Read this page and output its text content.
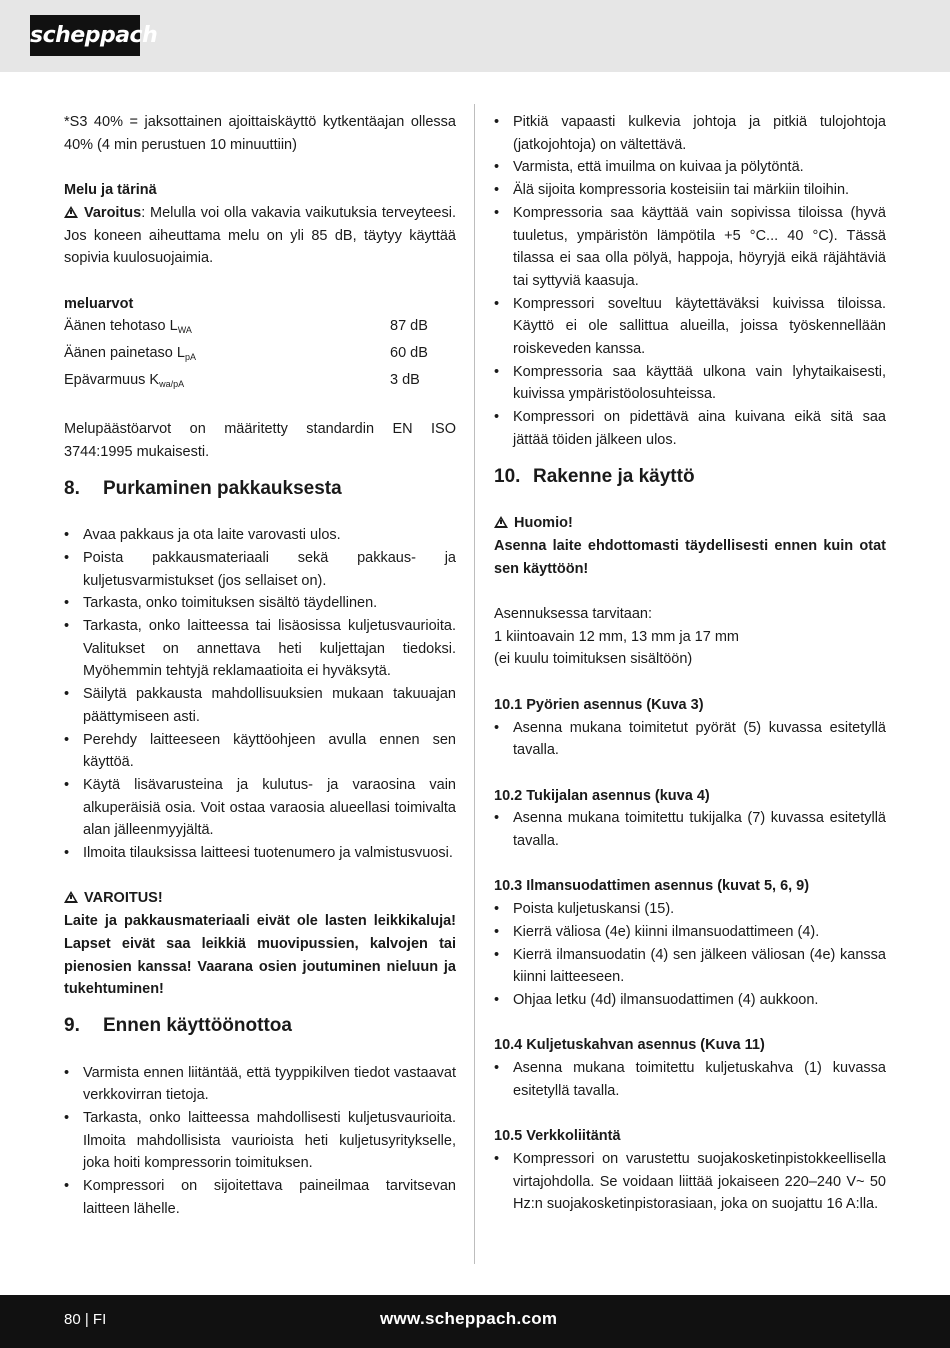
scheppach

*S3 40% = jaksottainen ajoittaiskäyttö kytkentäajan ollessa 40% (4 min perustuen 10 minuuttiin)

Melu ja tärinä

Varoitus: Melulla voi olla vakavia vaikutuksia terveyteesi. Jos koneen aiheuttama melu on yli 85 dB, täytyy käyttää sopivia kuulosuojaimia.

meluarvot

Äänen tehotaso $L_{WA}$	87 dB
Äänen painetaso $L_{pA}$	60 dB
Epävarmuus $K_{wa/pA}$	3 dB

Melupäästöarvot on määritetty standardin EN ISO 3744:1995 mukaisesti.

8.	Purkaminen pakkauksesta
• Avaa pakkaus ja ota laite varovasti ulos.
• Poista pakkausmateriaali sekä pakkaus- ja kuljetusvarmistukset (jos sellaiset on).
• Tarkasta, onko toimituksen sisältö täydellinen.
• Tarkasta, onko laitteessa tai lisäosissa kuljetusvaurioita. Valitukset on annettava heti kuljettajan tiedoksi. Myöhemmin tehtyjä reklamaatioita ei hyväksytä.
• Säilytä pakkausta mahdollisuuksien mukaan takuuajan päättymiseen asti.
• Perehdy laitteeseen käyttöohjeen avulla ennen sen käyttöä.
• Käytä lisävarusteina ja kulutus- ja varaosina vain alkuperäisiä osia. Voit ostaa varaosia alueellasi toimivalta alan jälleenmyyjältä.
• Ilmoita tilauksissa laitteesi tuotenumero ja valmistusvuosi.

VAROITUS!

Laite ja pakkausmateriaali eivät ole lasten leikkikaluja! Lapset eivät saa leikkiä muovipussien, kalvojen tai pienosien kanssa! Vaarana osien joutuminen nieluun ja tukehtuminen!

9.	Ennen käyttöönottoa
• Varmista ennen liitäntää, että tyyppikilven tiedot vastaavat verkkovirran tietoja.
• Tarkasta, onko laitteessa mahdollisesti kuljetusvaurioita. Ilmoita mahdollisista vaurioista heti kuljetusyritykselle, joka hoiti kompressorin toimituksen.
• Kompressori on sijoitettava paineilmaa tarvitsevan laitteen lähelle.
• Pitkiä vapaasti kulkevia johtoja ja pitkiä tulojohtoja (jatkojohtoja) on vältettävä.
• Varmista, että imuilma on kuivaa ja pölytöntä.
• Älä sijoita kompressoria kosteisiin tai märkiin tiloihin.
• Kompressoria saa käyttää vain sopivissa tiloissa (hyvä tuuletus, ympäristön lämpötila +5 °C... 40 °C). Tässä tilassa ei saa olla pölyä, happoja, höyryjä eikä räjähtäviä tai syttyviä kaasuja.
• Kompressori soveltuu käytettäväksi kuivissa tiloissa. Käyttö ei ole sallittua alueilla, joissa työskennellään roiskeveden kanssa.
• Kompressoria saa käyttää ulkona vain lyhytaikaisesti, kuivissa ympäristöolosuhteissa.
• Kompressori on pidettävä aina kuivana eikä sitä saa jättää töiden jälkeen ulos.
10. Rakenne ja käyttö

Huomio!

Asenna laite ehdottomasti täydellisesti ennen kuin otat sen käyttöön!

Asennuksessa tarvitaan:

1 kiintoavain 12 mm, 13 mm ja 17 mm

(ei kuulu toimituksen sisältöön)

10.1 Pyörien asennus (Kuva 3)

• Asenna mukana toimitetut pyörät (5) kuvassa esitetyllä tavalla.

10.2 Tukijalan asennus (kuva 4)

• Asenna mukana toimitettu tukijalka (7) kuvassa esitetyllä tavalla.

10.3 Ilmansuodattimen asennus (kuvat 5, 6, 9)

• Poista kuljetuskansi (15).
• Kierrä väliosa (4e) kiinni ilmansuodattimeen (4).
• Kierrä ilmansuodatin (4) sen jälkeen väliosan (4e) kanssa kiinni laitteeseen.
• Ohjaa letku (4d) ilmansuodattimen (4) aukkoon.

10.4 Kuljetuskahvan asennus (Kuva 11)

• Asenna mukana toimitettu kuljetuskahva (1) kuvassa esitetyllä tavalla.

10.5 Verkkoliitäntä

• Kompressori on varustettu suojakosketinpistokkeellisella virtajohdolla. Se voidaan liittää jokaiseen 220–240 V~ 50 Hz:n suojakosketinpistorasiaan, joka on suojattu 16 A:lla.
80 | FI	www.scheppach.com
